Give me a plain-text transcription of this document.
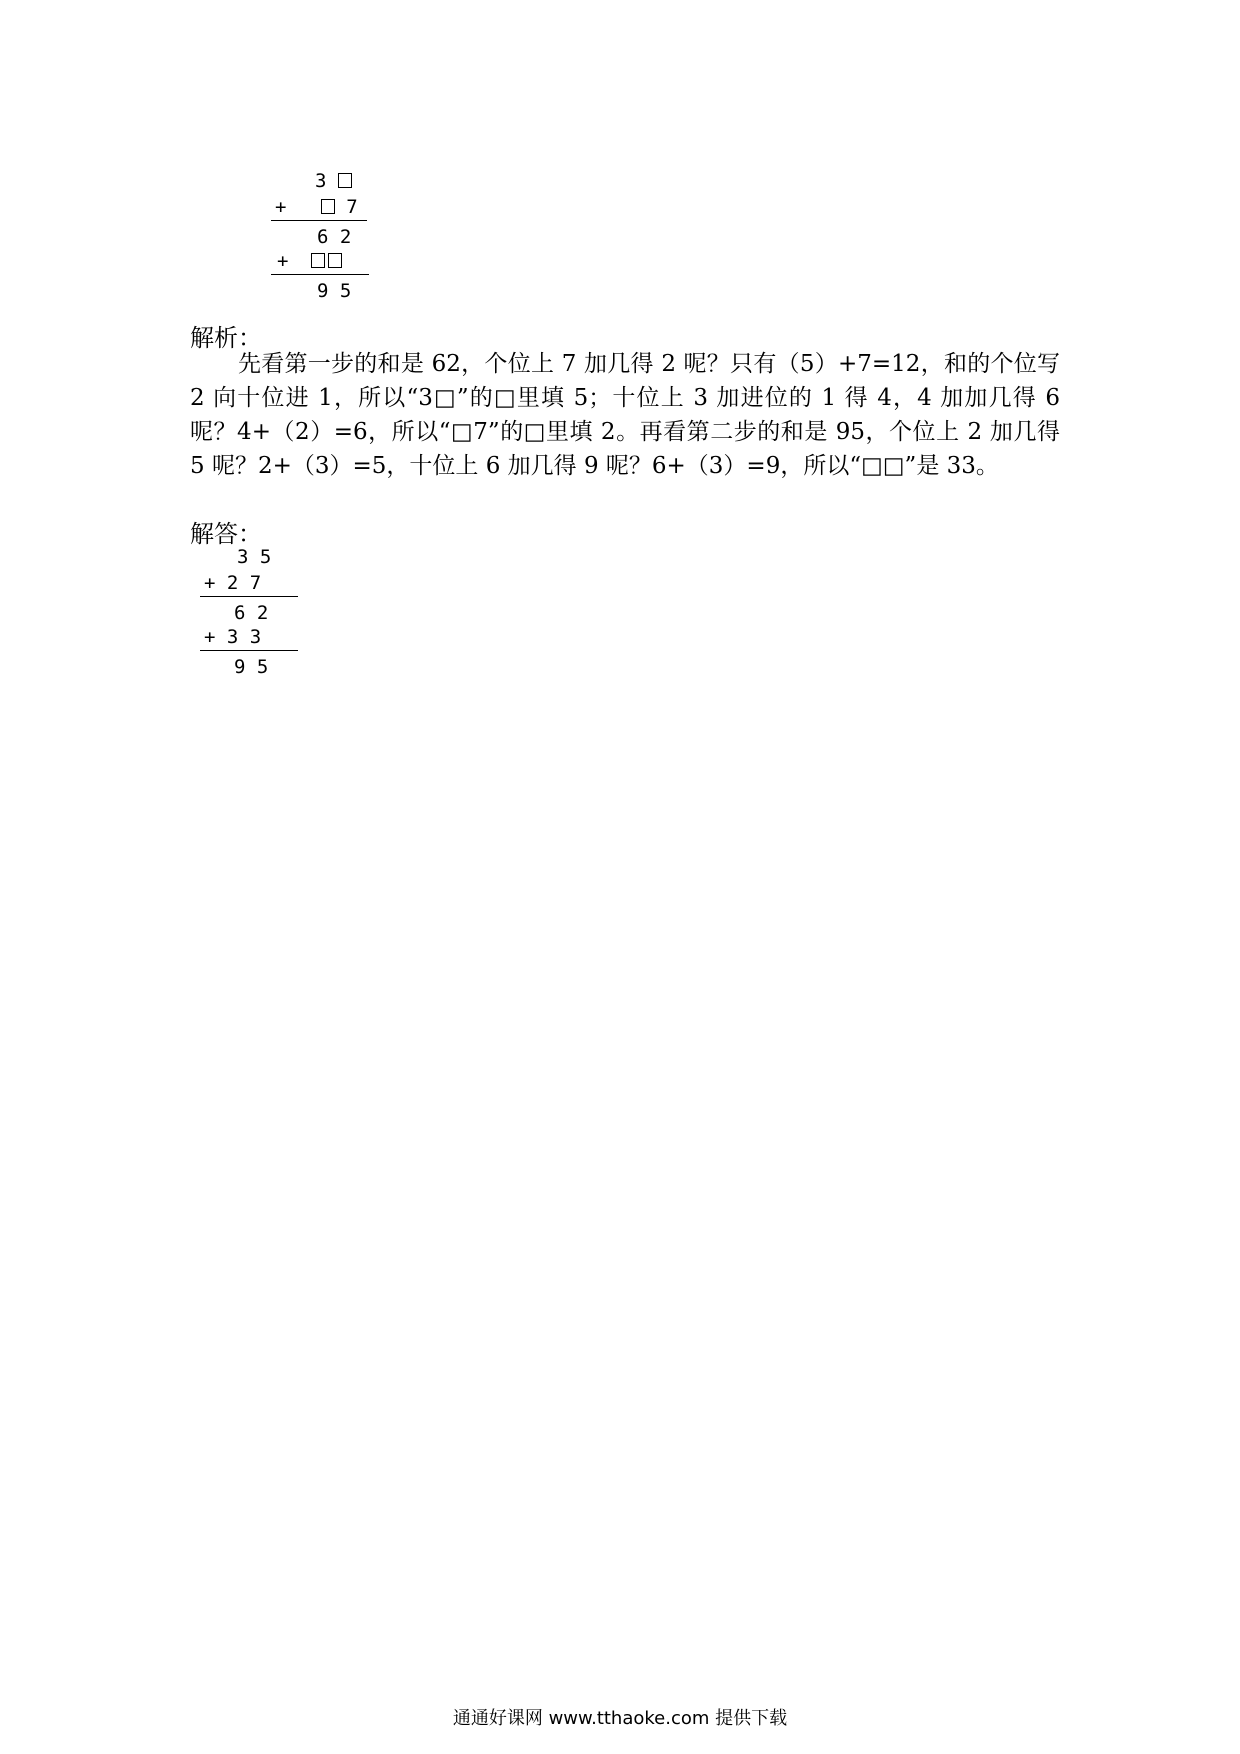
3
+	7
6 2
+
9 5
解析：

先看第一步的和是 62，个位上 7 加几得 2 呢？只有（5）+7=12，和的个位写 2 向十位进 1，所以“3□”的□里填 5；十位上 3 加进位的 1 得 4，4 加加几得 6 呢？4+（2）=6，所以“□7”的□里填 2。再看第二步的和是 95，个位上 2 加几得 5 呢？2+（3）=5，十位上 6 加几得 9 呢？6+（3）=9，所以“□□”是 33。

解答：
3 5
+ 2 7
6 2
+ 3 3
9 5
通通好课网 www.tthaoke.com 提供下载
